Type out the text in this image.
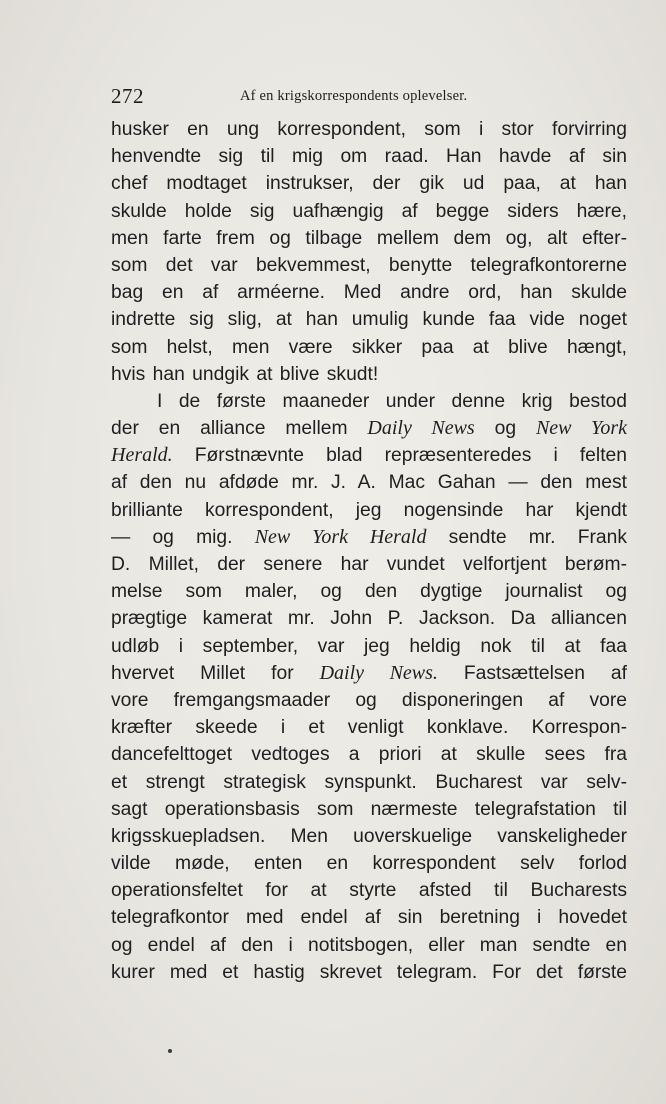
272	Af en krigskorrespondents oplevelser.
husker en ung korrespondent, som i stor forvirring
henvendte sig til mig om raad. Han havde af sin
chef modtaget instrukser, der gik ud paa, at han
skulde holde sig uafhængig af begge siders hære,
men farte frem og tilbage mellem dem og, alt efter-
som det var bekvemmest, benytte telegrafkontorerne
bag en af arméerne. Med andre ord, han skulde
indrette sig slig, at han umulig kunde faa vide noget
som helst, men være sikker paa at blive hængt,
hvis han undgik at blive skudt!
I de første maaneder under denne krig bestod
der en alliance mellem Daily News og New York
Herald. Førstnævnte blad repræsenteredes i felten
af den nu afdøde mr. J. A. Mac Gahan — den mest
brilliante korrespondent, jeg nogensinde har kjendt
— og mig. New York Herald sendte mr. Frank
D. Millet, der senere har vundet velfortjent berøm-
melse som maler, og den dygtige journalist og
prægtige kamerat mr. John P. Jackson. Da alliancen
udløb i september, var jeg heldig nok til at faa
hvervet Millet for Daily News. Fastsættelsen af
vore fremgangsmaader og disponeringen af vore
kræfter skeede i et venligt konklave. Korrespon-
dancefelttoget vedtoges a priori at skulle sees fra
et strengt strategisk synspunkt. Bucharest var selv-
sagt operationsbasis som nærmeste telegrafstation til
krigsskuepladsen. Men uoverskuelige vanskeligheder
vilde møde, enten en korrespondent selv forlod
operationsfeltet for at styrte afsted til Bucharests
telegrafkontor med endel af sin beretning i hovedet
og endel af den i notitsbogen, eller man sendte en
kurer med et hastig skrevet telegram. For det første
